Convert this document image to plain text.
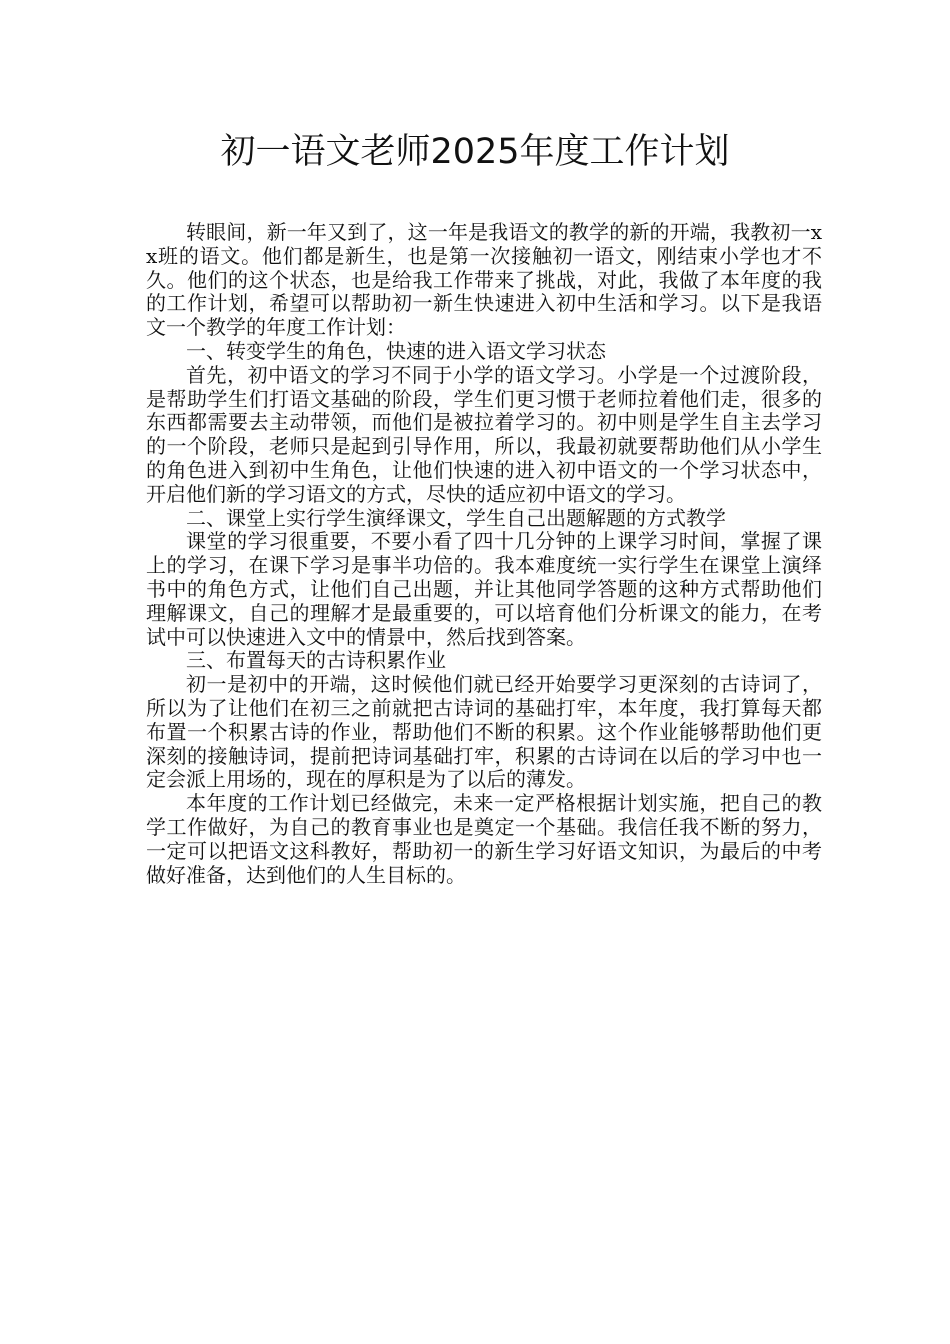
初一语文老师2025年度工作计划

转眼间，新一年又到了，这一年是我语文的教学的新的开端，我教初一xx班的语文。他们都是新生，也是第一次接触初一语文，刚结束小学也才不久。他们的这个状态，也是给我工作带来了挑战，对此，我做了本年度的我的工作计划，希望可以帮助初一新生快速进入初中生活和学习。以下是我语文一个教学的年度工作计划：

一、转变学生的角色，快速的进入语文学习状态

首先，初中语文的学习不同于小学的语文学习。小学是一个过渡阶段，是帮助学生们打语文基础的阶段，学生们更习惯于老师拉着他们走，很多的东西都需要去主动带领，而他们是被拉着学习的。初中则是学生自主去学习的一个阶段，老师只是起到引导作用，所以，我最初就要帮助他们从小学生的角色进入到初中生角色，让他们快速的进入初中语文的一个学习状态中，开启他们新的学习语文的方式，尽快的适应初中语文的学习。

二、课堂上实行学生演绎课文，学生自己出题解题的方式教学

课堂的学习很重要，不要小看了四十几分钟的上课学习时间，掌握了课上的学习，在课下学习是事半功倍的。我本难度统一实行学生在课堂上演绎书中的角色方式，让他们自己出题，并让其他同学答题的这种方式帮助他们理解课文，自己的理解才是最重要的，可以培育他们分析课文的能力，在考试中可以快速进入文中的情景中，然后找到答案。

三、布置每天的古诗积累作业

初一是初中的开端，这时候他们就已经开始要学习更深刻的古诗词了，所以为了让他们在初三之前就把古诗词的基础打牢，本年度，我打算每天都布置一个积累古诗的作业，帮助他们不断的积累。这个作业能够帮助他们更深刻的接触诗词，提前把诗词基础打牢，积累的古诗词在以后的学习中也一定会派上用场的，现在的厚积是为了以后的薄发。

本年度的工作计划已经做完，未来一定严格根据计划实施，把自己的教学工作做好，为自己的教育事业也是奠定一个基础。我信任我不断的努力，一定可以把语文这科教好，帮助初一的新生学习好语文知识，为最后的中考做好准备，达到他们的人生目标的。
